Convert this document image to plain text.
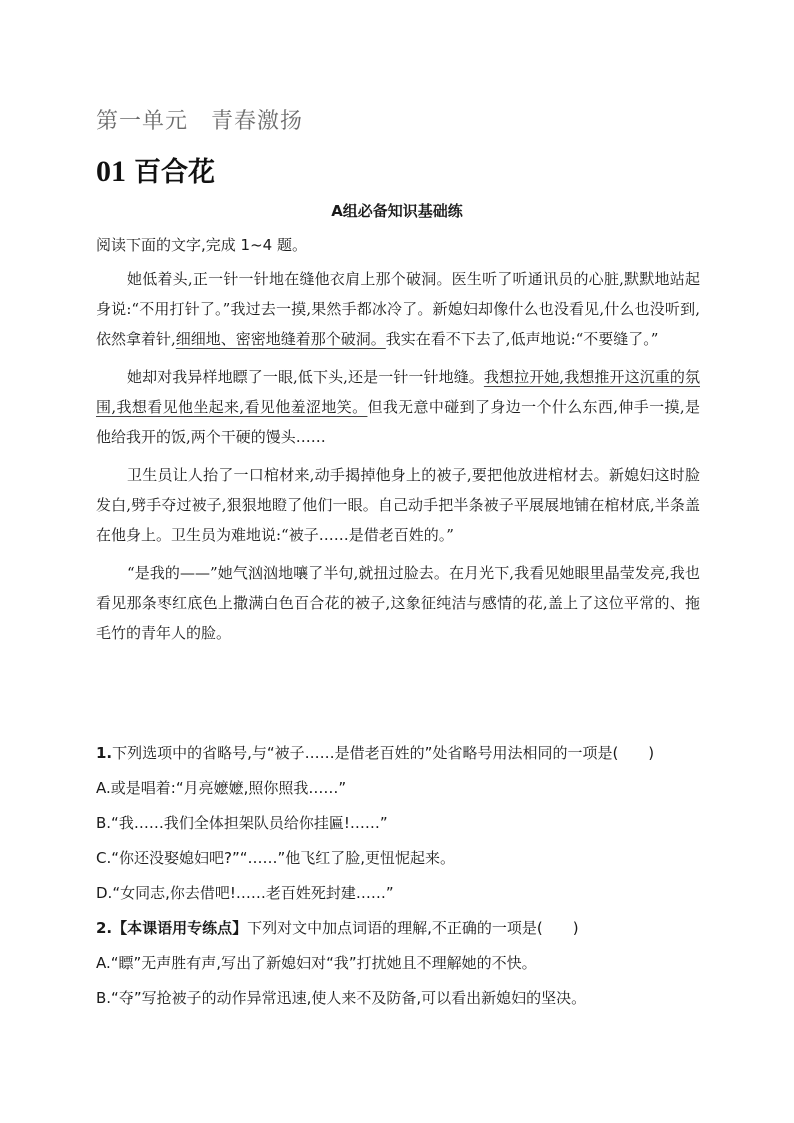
第一单元　青春激扬
01 百合花
A组必备知识基础练
阅读下面的文字,完成 1~4 题。

她低着头,正一针一针地在缝他衣肩上那个破洞。医生听了听通讯员的心脏,默默地站起身说:“不用打针了。”我过去一摸,果然手都冰冷了。新媳妇却像什么也没看见,什么也没听到,依然拿着针,细细地、密密地缝着那个破洞。我实在看不下去了,低声地说:“不要缝了。”

她却对我异样地瞟了一眼,低下头,还是一针一针地缝。我想拉开她,我想推开这沉重的氛围,我想看见他坐起来,看见他羞涩地笑。但我无意中碰到了身边一个什么东西,伸手一摸,是他给我开的饭,两个干硬的馒头……

卫生员让人抬了一口棺材来,动手揭掉他身上的被子,要把他放进棺材去。新媳妇这时脸发白,劈手夺过被子,狠狠地瞪了他们一眼。自己动手把半条被子平展展地铺在棺材底,半条盖在他身上。卫生员为难地说:“被子……是借老百姓的。”

“是我的——”她气汹汹地嚷了半句,就扭过脸去。在月光下,我看见她眼里晶莹发亮,我也看见那条枣红底色上撒满白色百合花的被子,这象征纯洁与感情的花,盖上了这位平常的、拖毛竹的青年人的脸。

1.下列选项中的省略号,与“被子……是借老百姓的”处省略号用法相同的一项是(　　)
A.或是唱着:“月亮嬷嬷,照你照我……”
B.“我……我们全体担架队员给你挂匾!……”
C.“你还没娶媳妇吧?”“……”他飞红了脸,更忸怩起来。
D.“女同志,你去借吧!……老百姓死封建……”
2.【本课语用专练点】下列对文中加点词语的理解,不正确的一项是(　　)
A.“瞟”无声胜有声,写出了新媳妇对“我”打扰她且不理解她的不快。
B.“夺”写抢被子的动作异常迅速,使人来不及防备,可以看出新媳妇的坚决。
